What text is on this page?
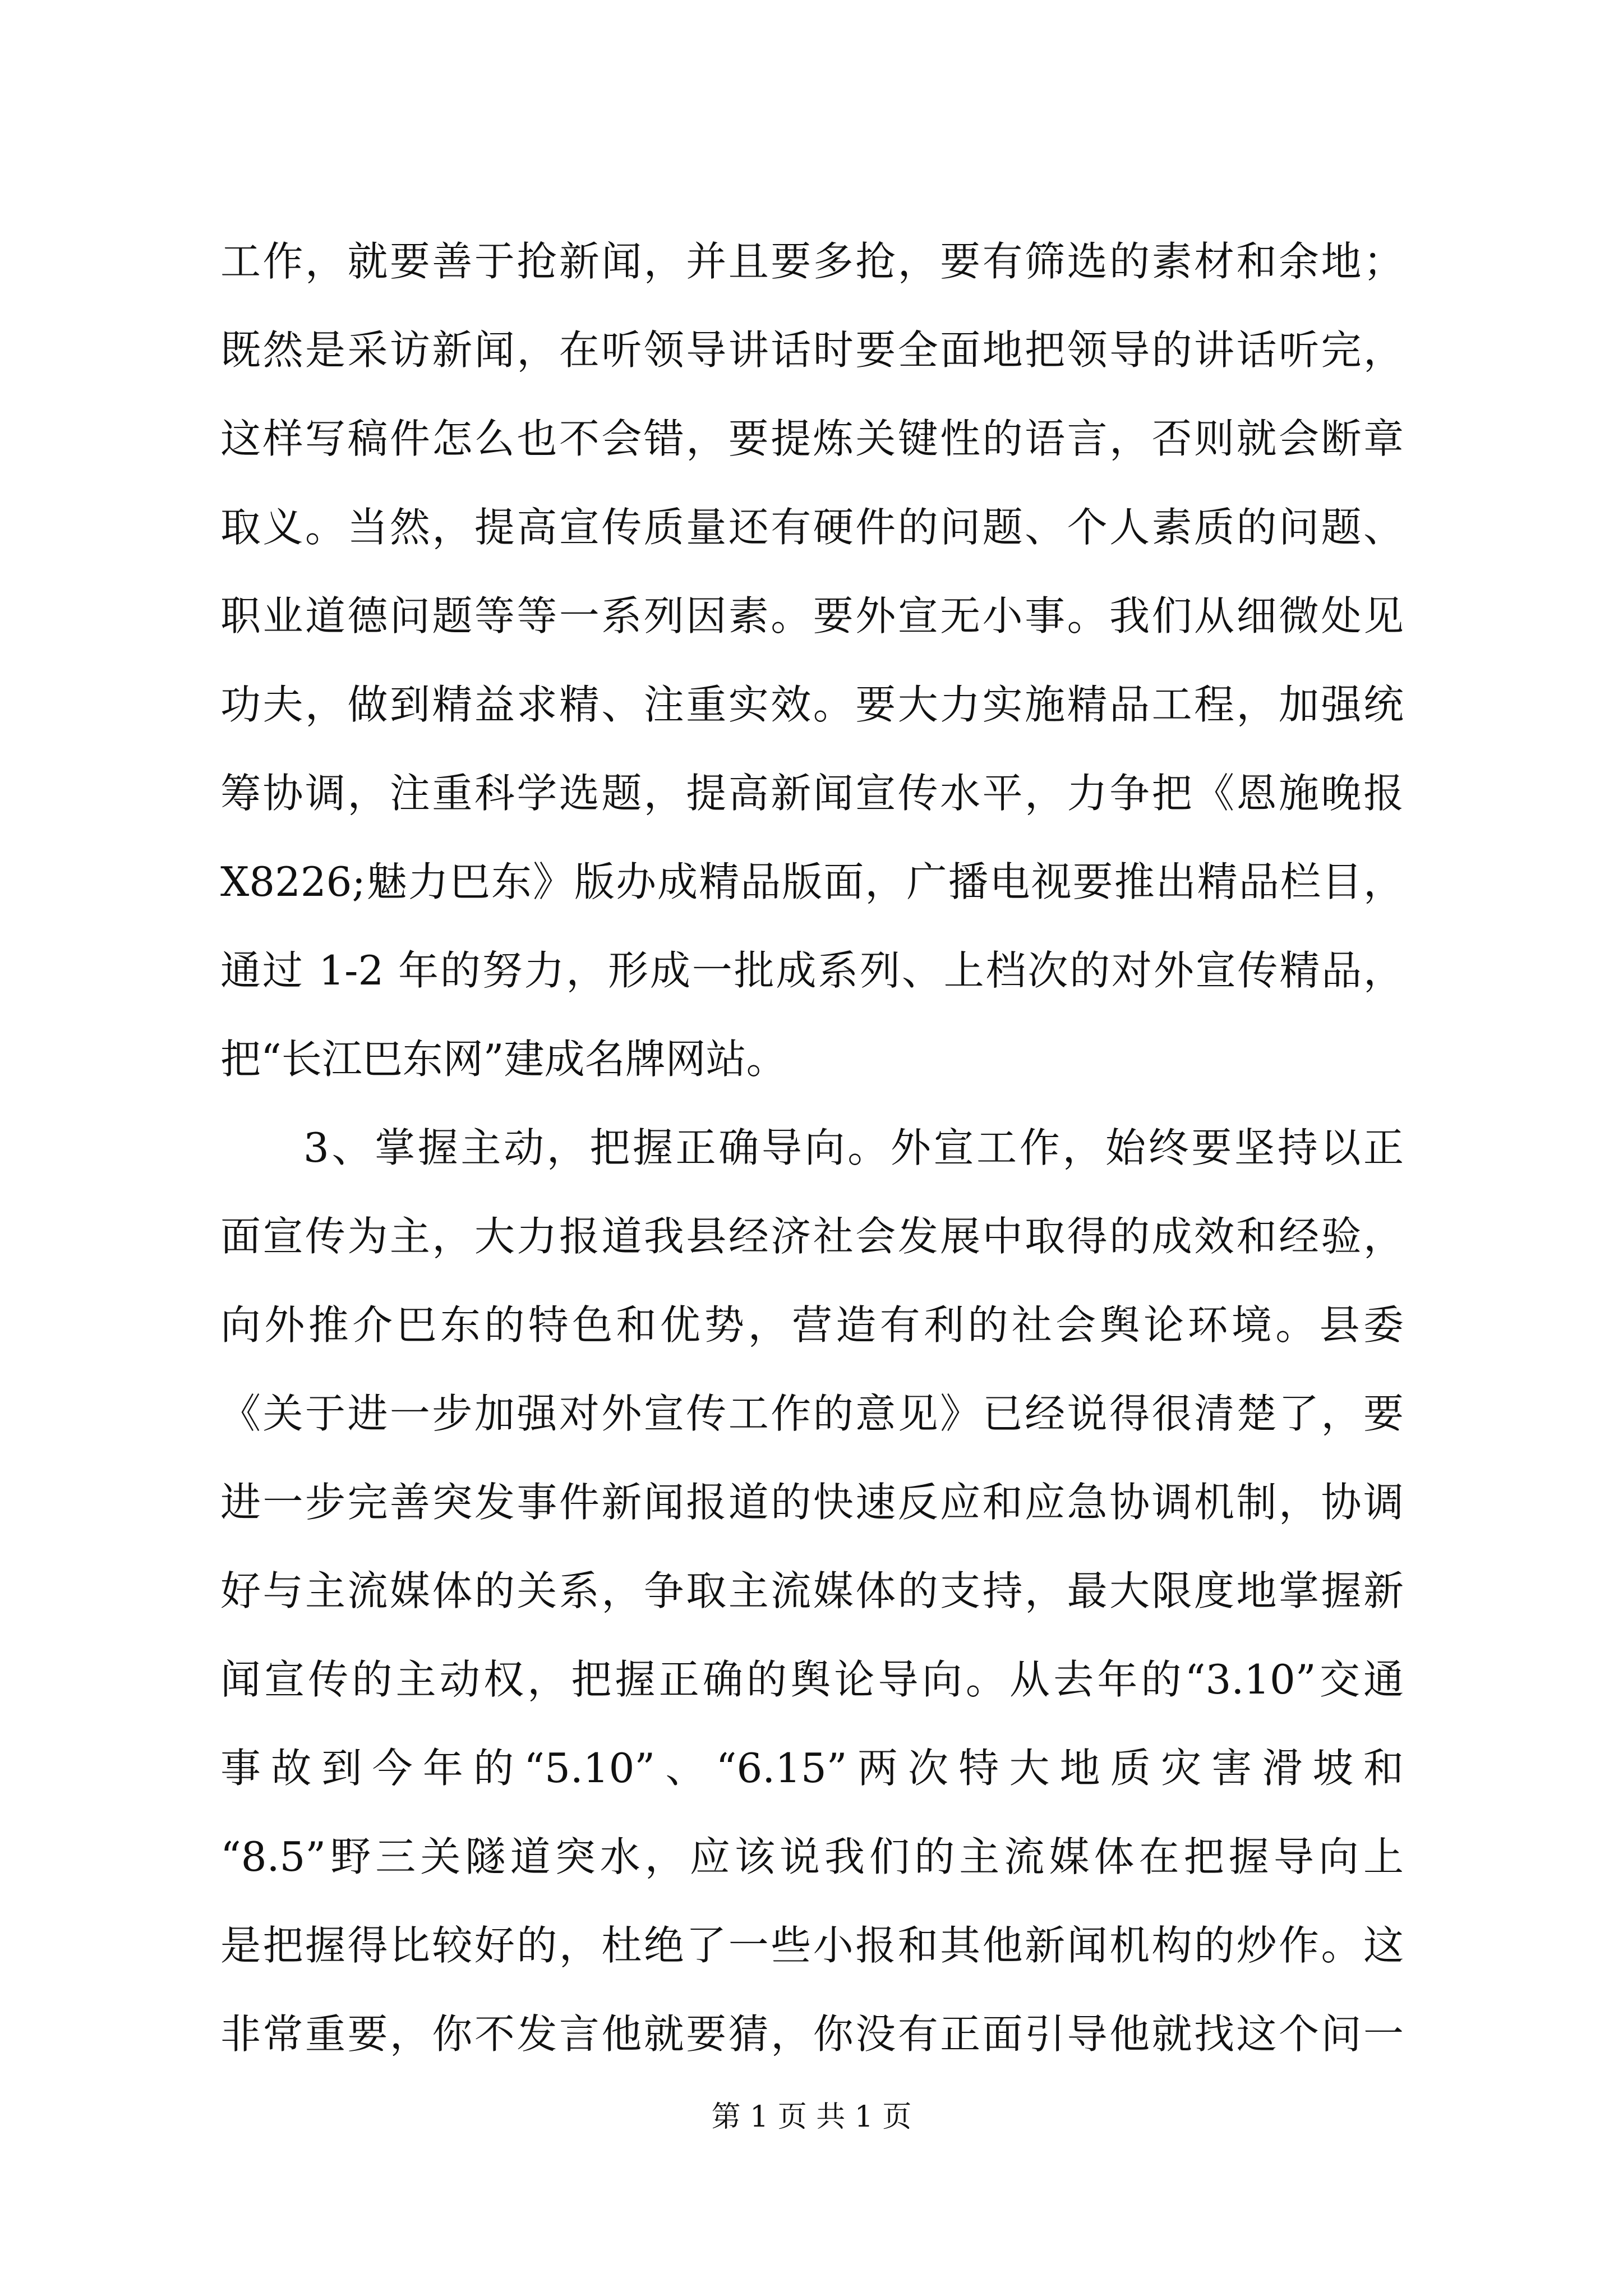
工作，就要善于抢新闻，并且要多抢，要有筛选的素材和余地；
既然是采访新闻，在听领导讲话时要全面地把领导的讲话听完，
这样写稿件怎么也不会错，要提炼关键性的语言，否则就会断章
取义。当然，提高宣传质量还有硬件的问题、个人素质的问题、
职业道德问题等等一系列因素。要外宣无小事。我们从细微处见
功夫，做到精益求精、注重实效。要大力实施精品工程，加强统
筹协调，注重科学选题，提高新闻宣传水平，力争把《恩施晚报
X8226;魅力巴东》版办成精品版面，广播电视要推出精品栏目，
通过 1-2 年的努力，形成一批成系列、上档次的对外宣传精品，
把“长江巴东网”建成名牌网站。
3、掌握主动，把握正确导向。外宣工作，始终要坚持以正
面宣传为主，大力报道我县经济社会发展中取得的成效和经验，
向外推介巴东的特色和优势，营造有利的社会舆论环境。县委
《关于进一步加强对外宣传工作的意见》已经说得很清楚了，要
进一步完善突发事件新闻报道的快速反应和应急协调机制，协调
好与主流媒体的关系，争取主流媒体的支持，最大限度地掌握新
闻宣传的主动权，把握正确的舆论导向。从去年的“3.10”交通
事故到今年的“5.10”、“6.15”两次特大地质灾害滑坡和
“8.5”野三关隧道突水，应该说我们的主流媒体在把握导向上
是把握得比较好的，杜绝了一些小报和其他新闻机构的炒作。这
非常重要，你不发言他就要猜，你没有正面引导他就找这个问一
第 1 页 共 1 页
